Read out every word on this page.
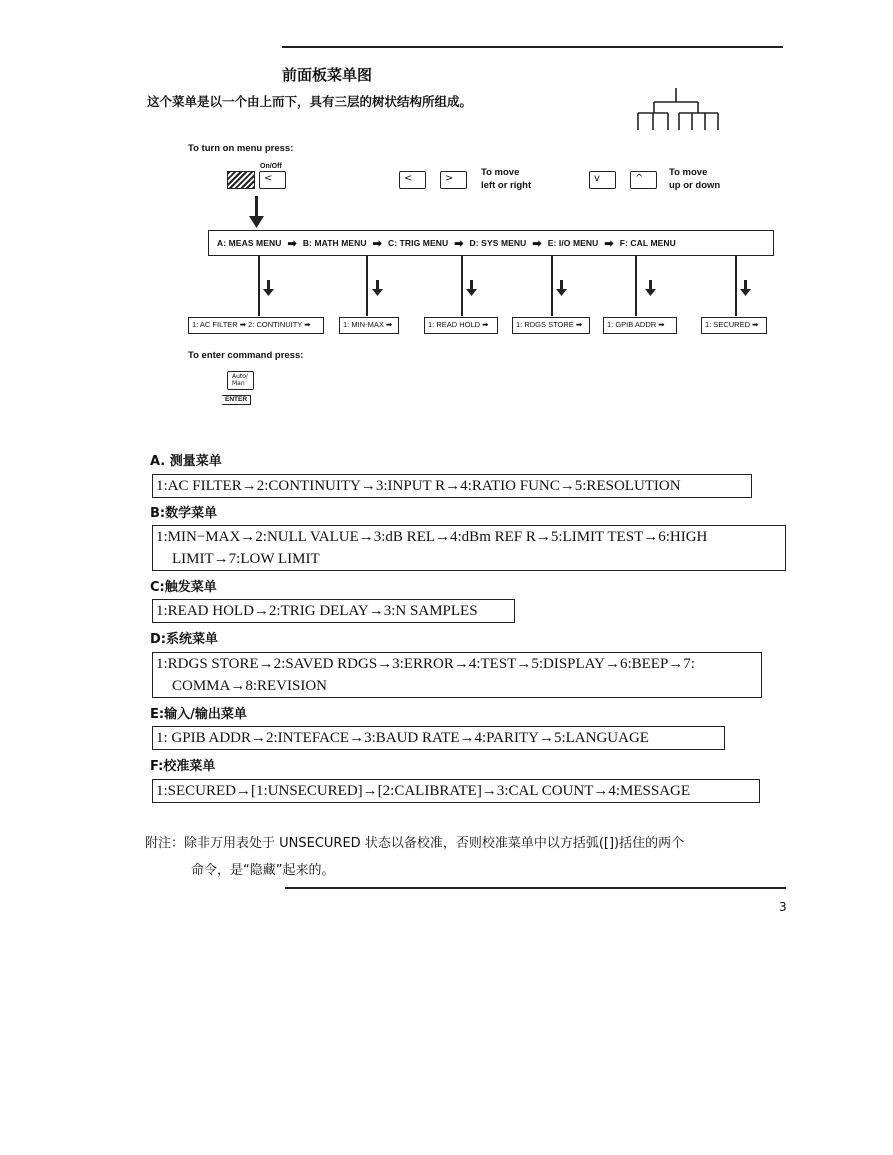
前面板菜单图
这个菜单是以一个由上而下，具有三层的树状结构所组成。
To turn on menu press:
On/Off
<	<	>
To move
left or right
v	^
To move
up or down
A: MEAS MENU ➡ B: MATH MENU ➡ C: TRIG MENU ➡ D: SYS MENU ➡ E: I/O MENU ➡ F: CAL MENU
1: AC FILTER ➡ 2: CONTINUITY ➡	1: MIN-MAX ➡	1: READ HOLD ➡	1: RDGS STORE ➡	1: GPIB ADDR ➡	1: SECURED ➡
To enter command press:
Auto/
Man
ENTER
A. 测量菜单
1:AC FILTER→2:CONTINUITY→3:INPUT R→4:RATIO FUNC→5:RESOLUTION
B:数学菜单
1:MIN−MAX→2:NULL VALUE→3:dB REL→4:dBm REF R→5:LIMIT TEST→6:HIGH
LIMIT→7:LOW LIMIT
C:触发菜单
1:READ HOLD→2:TRIG DELAY→3:N SAMPLES
D:系统菜单
1:RDGS STORE→2:SAVED RDGS→3:ERROR→4:TEST→5:DISPLAY→6:BEEP→7:
COMMA→8:REVISION
E:输入/输出菜单
1: GPIB ADDR→2:INTEFACE→3:BAUD RATE→4:PARITY→5:LANGUAGE
F:校准菜单
1:SECURED→[1:UNSECURED]→[2:CALIBRATE]→3:CAL COUNT→4:MESSAGE
附注：除非万用表处于 UNSECURED 状态以备校准，否则校准菜单中以方括弧([])括住的两个
命令，是“隐藏”起来的。
3
